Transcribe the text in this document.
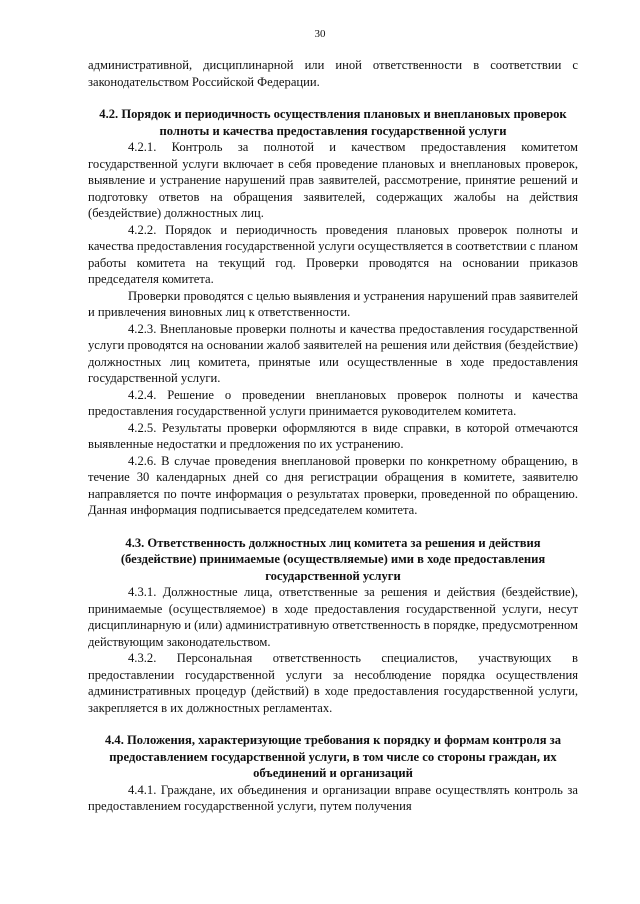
30

административной, дисциплинарной или иной ответственности в соответствии с законодательством Российской Федерации.

4.2. Порядок и периодичность осуществления плановых и внеплановых проверок полноты и качества предоставления государственной услуги

4.2.1. Контроль за полнотой и качеством предоставления комитетом государственной услуги включает в себя проведение плановых и внеплановых проверок, выявление и устранение нарушений прав заявителей, рассмотрение, принятие решений и подготовку ответов на обращения заявителей, содержащих жалобы на действия (бездействие) должностных лиц.

4.2.2. Порядок и периодичность проведения плановых проверок полноты и качества предоставления государственной услуги осуществляется в соответствии с планом работы комитета на текущий год. Проверки проводятся на основании приказов председателя комитета.

Проверки проводятся с целью выявления и устранения нарушений прав заявителей и привлечения виновных лиц к ответственности.

4.2.3. Внеплановые проверки полноты и качества предоставления государственной услуги проводятся на основании жалоб заявителей на решения или действия (бездействие) должностных лиц комитета, принятые или осуществленные в ходе предоставления государственной услуги.

4.2.4. Решение о проведении внеплановых проверок полноты и качества предоставления государственной услуги принимается руководителем комитета.

4.2.5. Результаты проверки оформляются в виде справки, в которой отмечаются выявленные недостатки и предложения по их устранению.

4.2.6. В случае проведения внеплановой проверки по конкретному обращению, в течение 30 календарных дней со дня регистрации обращения в комитете, заявителю направляется по почте информация о результатах проверки, проведенной по обращению. Данная информация подписывается председателем комитета.

4.3. Ответственность должностных лиц комитета за решения и действия (бездействие) принимаемые (осуществляемые) ими в ходе предоставления государственной услуги

4.3.1. Должностные лица, ответственные за решения и действия (бездействие), принимаемые (осуществляемое) в ходе предоставления государственной услуги, несут дисциплинарную и (или) административную ответственность в порядке, предусмотренном действующим законодательством.

4.3.2. Персональная ответственность специалистов, участвующих в предоставлении государственной услуги за несоблюдение порядка осуществления административных процедур (действий) в ходе предоставления государственной услуги, закрепляется в их должностных регламентах.

4.4. Положения, характеризующие требования к порядку и формам контроля за предоставлением государственной услуги, в том числе со стороны граждан, их объединений и организаций

4.4.1. Граждане, их объединения и организации вправе осуществлять контроль за предоставлением государственной услуги, путем получения
